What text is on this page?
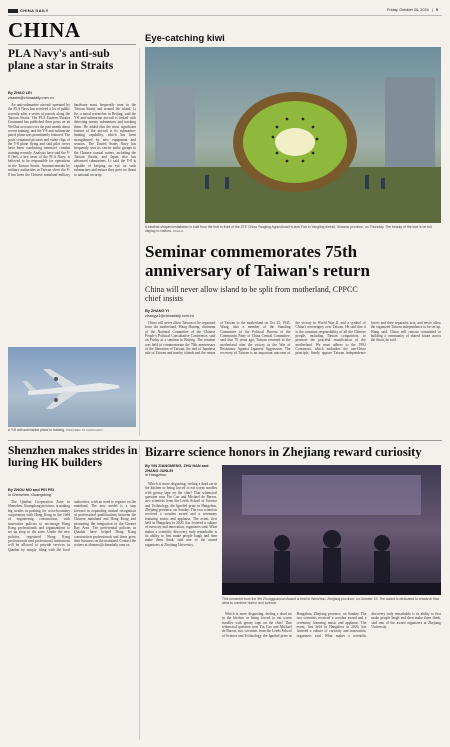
CHINA DAILY	Friday, October 25, 2024 | 5
CHINA
PLA Navy's anti-sub plane a star in Straits
By ZHAO LEI
zhaolei@chinadaily.com.cn

An anti-submarine aircraft operated by the PLA Navy has received a lot of public recently after a series of patrols along the Taiwan Straits. The PLA Eastern Theater Command has published three posts on its WeChat account over the past month about recent training, and the Y-8 anti-submarine patrol plane was prominently featured. The posts contained pictures and video clips of the Y-8 plane flying and said pilot crews have been conducting intensive combat training recently. Analysts have said the Y-8 fleet, a key asset of the PLA Navy, is believed to be responsible for operations in the Taiwan Straits. Announcements by military authorities in Taiwan show the Y-8 has been the Chinese mainland military hardware most frequently seen in the Taiwan Straits and around the island. Li Jie, a naval researcher in Beijing, said the Y-8 anti-submarine aircraft is tasked with detecting enemy submarines and tracking them. He added that the most significant feature of the aircraft is its submarine-hunting capability, which has been strengthened by new equipment and sensors. The United States Navy has frequently sent its carrier strike groups to the Chinese coastal waters, including the Taiwan Straits, and Japan also has advanced submarines. Li said the Y-8 is capable of keeping an eye on such submarines and ensure they pose no threat to national security.

A Y-8 anti-submarine plane in training. PROVIDED TO CHINA DAILY
Eye-catching kiwi
A kiwifruit-shaped installation is built from the fruit in front of the ZTE China Yangling Agricultural Hi-tech Fair in Yangling district, Shaanxi province, on Thursday. The beauty of the kiwi is on full display to visitors. XINHUA
Seminar commemorates 75th anniversary of Taiwan's return
China will never allow island to be split from motherland, CPPCC chief insists
By ZHANG YI
zhangyi1@chinadaily.com.cn

China will never allow Taiwan to be separated from the motherland, Wang Huning, chairman of the National Committee of the Chinese People's Political Consultative Conference, said on Friday at a seminar in Beijing. The seminar was held to commemorate the 79th anniversary of the liberation of Taiwan, the end of Japanese rule of Taiwan and nearby islands and the return of Taiwan to the motherland on Oct 25, 1945. Wang, also a member of the Standing Committee of the Political Bureau of the Communist Party of China Central Committee, said that 79 years ago, Taiwan returned to the motherland after the victory in the War of Resistance Against Japanese Aggression. The recovery of Taiwan is an important outcome of the victory in World War II, and a symbol of China's sovereignty over Taiwan. He said that it is the common responsibility of all the Chinese people, including Taiwan compatriots, to promote the peaceful reunification of the motherland. We must adhere to the 1992 Consensus, which embodies the one-China principle, firmly oppose Taiwan independence forces and their separatist acts, and never allow the organized Taiwan independence to be set up, Wang said. China will remain committed to building a community of shared future across the Strait, he said.

Shenzhen makes strides in luring HK builders
By ZHOU MO and PEI PEI
in Shenzhen, Guangdong

The Qianhai Cooperation Zone in Shenzhen, Guangdong province, is making big strides in pushing for cross-boundary cooperation with Hong Kong in the field of engineering construction, with innovative policies to encourage Hong Kong professionals and organizations to set up shop in the zone. Under the new policies, registered Hong Kong professionals and professional institutions will be allowed to provide services in Qianhai by simply filing with the local authorities, with no need to register on the mainland. The new model is a step forward in expanding mutual recognition of professional qualifications between the Chinese mainland and Hong Kong and promoting the integration of the Greater Bay Area. The preferential policies in Qianhai have helped Hong Kong construction professionals and firms grow their business on the mainland. Contact the writers at zhoumo@chinadaily.com.cn

Bizarre science honors in Zhejiang reward curiosity
By YIN ZIANGMENG, ZHU HAN and ZHANG JUNLEI
in Hangzhou

Which is more disgusting, feeling a dead rat in the kitchen or being forced to eat worm noodles with greasy tape on the chin? That whimsical question won Yin Cao and Michael de Barros, two scientists from the Leeds School of Science and Technology, the Ignobel prize in Hangzhou, Zhejiang province, on Sunday. The two scientists received a wooden award and a ceremony featuring music and applause. The event, first held in Hangzhou in 2020, has fostered a culture of curiosity and innovation, organizers said. What makes a scientific discovery truly remarkable is its ability to first make people laugh and then make them think, said one of the award organizers at Zhejiang University.

This newsreel from the 5th Zhongguancun Award is held in Wenzhou, Zhejiang province, on October 19. The award is dedicated to research that aims to combine humor and science.

Which is more disgusting, feeling a dead rat in the kitchen or being forced to eat worm noodles with greasy tape on the chin? That whimsical question won Yin Cao and Michael de Barros, two scientists from the Leeds School of Science and Technology, the Ignobel prize in Hangzhou, Zhejiang province, on Sunday. The two scientists received a wooden award and a ceremony featuring music and applause. The event, first held in Hangzhou in 2020, has fostered a culture of curiosity and innovation, organizers said. What makes a scientific discovery truly remarkable is its ability to first make people laugh and then make them think, said one of the award organizers at Zhejiang University.
